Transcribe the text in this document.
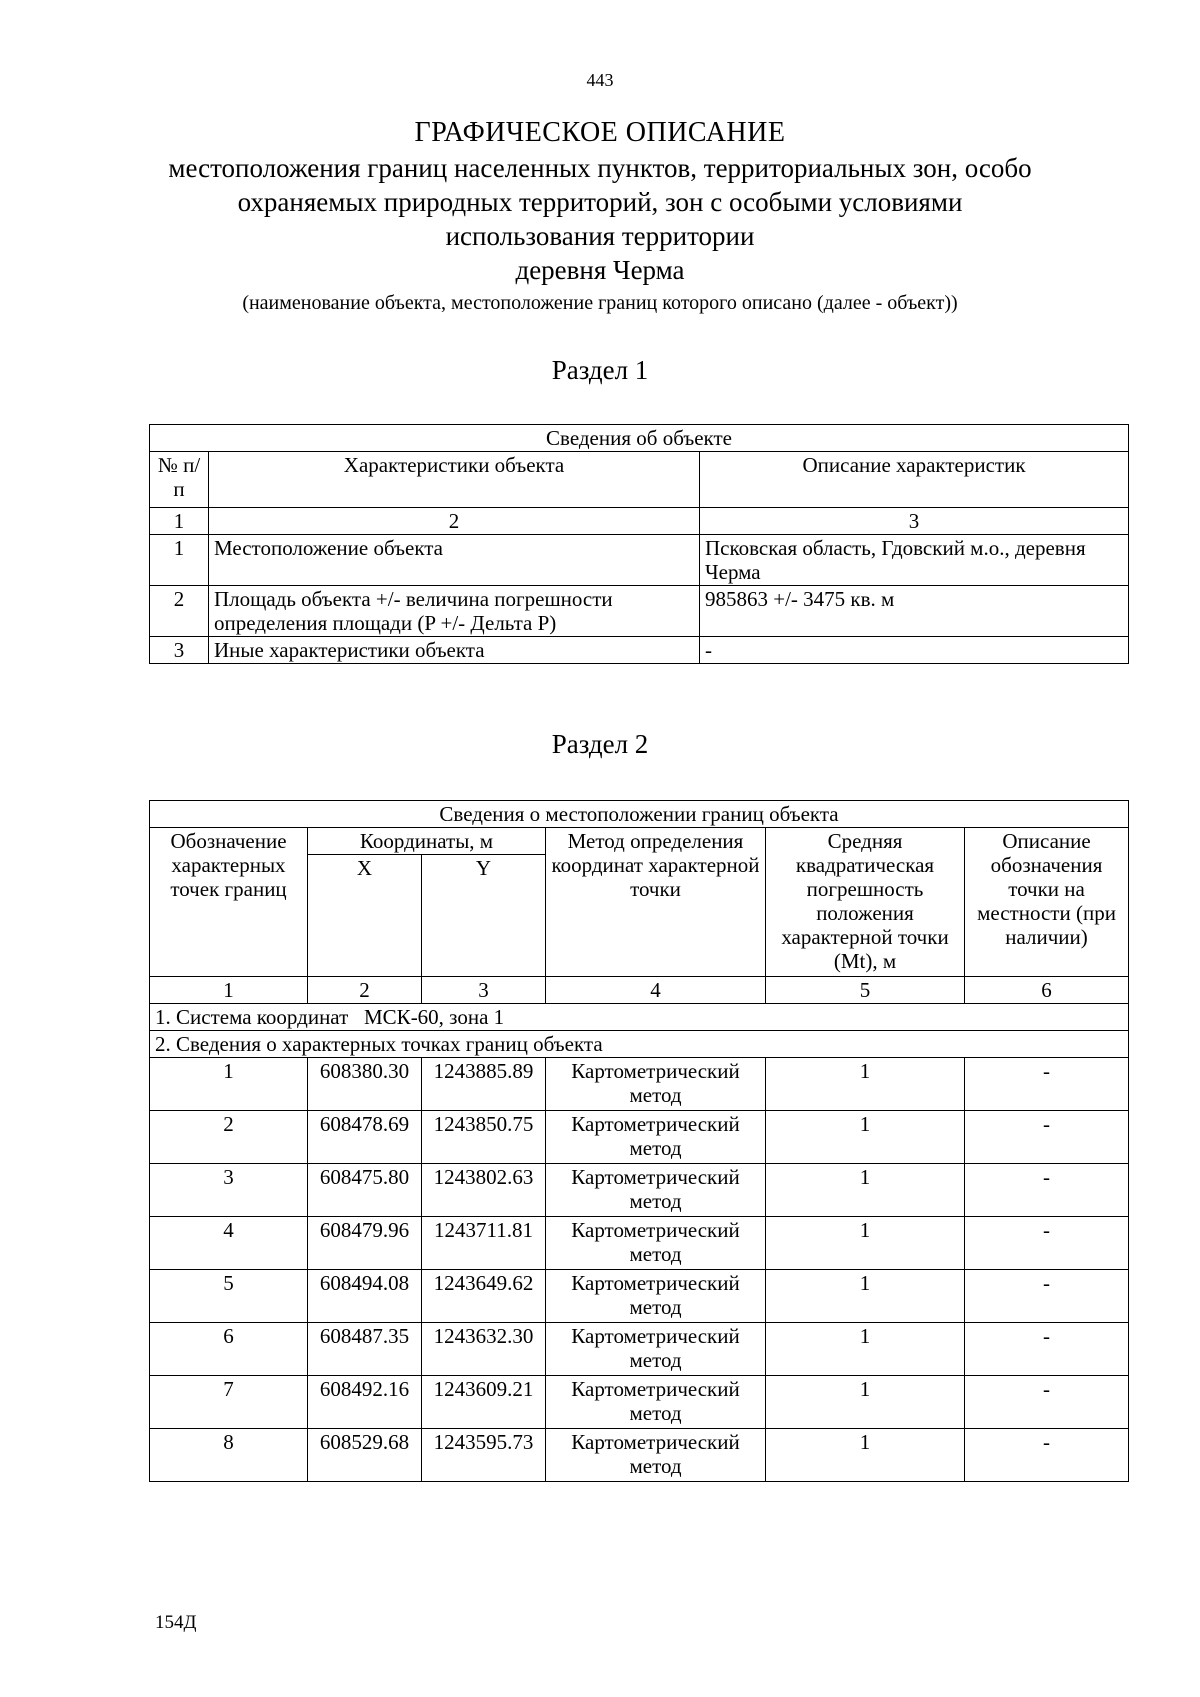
443
ГРАФИЧЕСКОЕ ОПИСАНИЕ
местоположения границ населенных пунктов, территориальных зон, особо
охраняемых природных территорий, зон с особыми условиями
использования территории
деревня Черма
(наименование объекта, местоположение границ которого описано (далее - объект))
Раздел 1
Сведения об объекте		
№ п/п	Характеристики объекта	Описание характеристик
1	2	3
1	Местоположение объекта	Псковская область, Гдовский м.о., деревня Черма
2	Площадь объекта +/- величина погрешности определения площади (P +/- Дельта P)	985863 +/- 3475 кв. м
3	Иные характеристики объекта	-
Раздел 2
Сведения о местоположении границ объекта					
Обозначение характерных точек границ	Координаты, м		Метод определения координат характерной точки	Средняя квадратическая погрешность положения характерной точки (Mt), м	Описание обозначения точки на местности (при наличии)
	X	Y			
1	2	3	4	5	6
1. Система координат   МСК-60, зона 1					
2. Сведения о характерных точках границ объекта					
1	608380.30	1243885.89	Картометрический метод	1	-
2	608478.69	1243850.75	Картометрический метод	1	-
3	608475.80	1243802.63	Картометрический метод	1	-
4	608479.96	1243711.81	Картометрический метод	1	-
5	608494.08	1243649.62	Картометрический метод	1	-
6	608487.35	1243632.30	Картометрический метод	1	-
7	608492.16	1243609.21	Картометрический метод	1	-
8	608529.68	1243595.73	Картометрический метод	1	-
154Д
